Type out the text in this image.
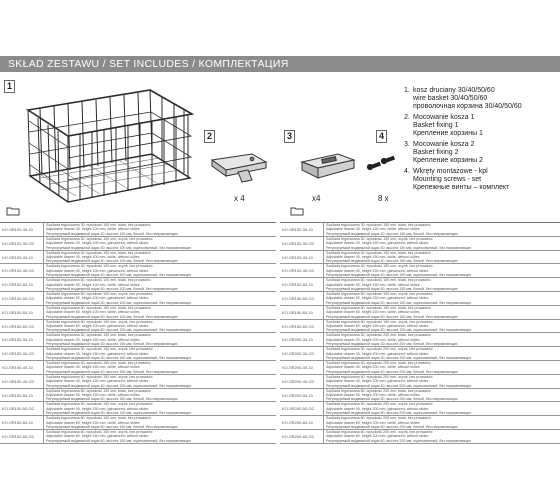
SKŁAD ZESTAWU / SET INCLUDES / КОМПЛЕКТАЦИЯ
1
2	3	4
x 4	x4	8 x
1. kosz druciany 30/40/50/60
wire basket 30/40/50/60
проволочная корзина 30/40/50/60
2. Mocowanie kosza 1
Basket fixing 1
Крепление корзины 1
3. Mocowanie kosza 2
Basket fixing 2
Крепление корзины 2
4. Wkręty montażowe - kpl
Mounting screws - set
Крепежные винты – комплект
KO-SR100-30-10
Szuflada regulowana 30, wysokość 100 mm, biała, bez prowadnic
Adjustable drawer 30, height 100 mm, white, without slides
Регулируемый выдвижной ящик 30, высота 100 мм, белый, без направляющих
KO-SR100-30-OC
Szuflada regulowana 30, wysokość 100 mm, ocynk, bez prowadnic
Adjustable drawer 30, height 100 mm, galvanized, without slides
Регулируемый выдвижной ящик 30, высота 100 мм, оцинкованный, без направляющих
KO-SR100-40-10
Szuflada regulowana 40, wysokość 100 mm, biała, bez prowadnic
Adjustable drawer 40, height 100 mm, white, without slides
Регулируемый выдвижной ящик 40, высота 100 мм, белый, без направляющих
KO-SR100-40-OC
Szuflada regulowana 40, wysokość 100 mm, ocynk, bez prowadnic
Adjustable drawer 40, height 100 mm, galvanized, without slides
Регулируемый выдвижной ящик 40, высота 100 мм, оцинкованный, без направляющих
KO-SR100-50-10
Szuflada regulowana 50, wysokość 100 mm, biała, bez prowadnic
Adjustable drawer 50, height 100 mm, white, without slides
Регулируемый выдвижной ящик 50, высота 100 мм, белый, без направляющих
KO-SR100-50-OC
Szuflada regulowana 50, wysokość 100 mm, ocynk, bez prowadnic
Adjustable drawer 50, height 100 mm, galvanized, without slides
Регулируемый выдвижной ящик 50, высота 100 мм, оцинкованный, без направляющих
KO-SR100-60-10
Szuflada regulowana 60, wysokość 100 mm, biała, bez prowadnic
Adjustable drawer 60, height 100 mm, white, without slides
Регулируемый выдвижной ящик 60, высота 100 мм, белый, без направляющих
KO-SR100-60-OC
Szuflada regulowana 60, wysokość 100 mm, ocynk, bez prowadnic
Adjustable drawer 60, height 100 mm, galvanized, without slides
Регулируемый выдвижной ящик 60, высота 100 мм, оцинкованный, без направляющих
KO-SR150-30-10
Szuflada regulowana 30, wysokość 150 mm, biała, bez prowadnic
Adjustable drawer 30, height 150 mm, white, without slides
Регулируемый выдвижной ящик 30, высота 150 мм, белый, без направляющих
KO-SR150-30-OC
Szuflada regulowana 30, wysokość 150 mm, ocynk, bez prowadnic
Adjustable drawer 30, height 150 mm, galvanized, without slides
Регулируемый выдвижной ящик 30, высота 150 мм, оцинкованный, без направляющих
KO-SR150-40-10
Szuflada regulowana 40, wysokość 150 mm, biała, bez prowadnic
Adjustable drawer 40, height 150 mm, white, without slides
Регулируемый выдвижной ящик 40, высота 150 мм, белый, без направляющих
KO-SR150-40-OC
Szuflada regulowana 40, wysokość 150 mm, ocynk, bez prowadnic
Adjustable drawer 40, height 150 mm, galvanized, without slides
Регулируемый выдвижной ящик 40, высота 150 мм, оцинкованный, без направляющих
KO-SR150-50-10
Szuflada regulowana 50, wysokość 150 mm, biała, bez prowadnic
Adjustable drawer 50, height 150 mm, white, without slides
Регулируемый выдвижной ящик 50, высота 150 мм, белый, без направляющих
KO-SR150-50-OC
Szuflada regulowana 50, wysokość 150 mm, ocynk, bez prowadnic
Adjustable drawer 50, height 150 mm, galvanized, without slides
Регулируемый выдвижной ящик 50, высота 150 мм, оцинкованный, без направляющих
KO-SR150-60-10
Szuflada regulowana 60, wysokość 150 mm, biała, bez prowadnic
Adjustable drawer 60, height 150 mm, white, without slides
Регулируемый выдвижной ящик 60, высота 150 мм, белый, без направляющих
KO-SR150-60-OC
Szuflada regulowana 60, wysokość 150 mm, ocynk, bez prowadnic
Adjustable drawer 60, height 150 mm, galvanized, without slides
Регулируемый выдвижной ящик 60, высота 150 мм, оцинкованный, без направляющих
KO-SR150-30-10
Szuflada regulowana 30, wysokość 150 mm, biała, bez prowadnic
Adjustable drawer 30, height 150 mm, white, without slides
Регулируемый выдвижной ящик 30, высота 150 мм, белый, без направляющих
KO-SR150-30-OC
Szuflada regulowana 30, wysokość 150 mm, ocynk, bez prowadnic
Adjustable drawer 30, height 150 mm, galvanized, without slides
Регулируемый выдвижной ящик 30, высота 150 мм, оцинкованный, без направляющих
KO-SR150-40-10
Szuflada regulowana 40, wysokość 150 mm, biała, bez prowadnic
Adjustable drawer 40, height 150 mm, white, without slides
Регулируемый выдвижной ящик 40, высота 150 мм, белый, без направляющих
KO-SR150-40-OC
Szuflada regulowana 40, wysokość 150 mm, ocynk, bez prowadnic
Adjustable drawer 40, height 150 mm, galvanized, without slides
Регулируемый выдвижной ящик 40, высота 150 мм, оцинкованный, без направляющих
KO-SR150-50-10
Szuflada regulowana 50, wysokość 150 mm, biała, bez prowadnic
Adjustable drawer 50, height 150 mm, white, without slides
Регулируемый выдвижной ящик 50, высота 150 мм, белый, без направляющих
KO-SR150-50-OC
Szuflada regulowana 50, wysokość 150 mm, ocynk, bez prowadnic
Adjustable drawer 50, height 150 mm, galvanized, without slides
Регулируемый выдвижной ящик 50, высота 150 мм, оцинкованный, без направляющих
KO-SR150-60-10
Szuflada regulowana 60, wysokość 150 mm, biała, bez prowadnic
Adjustable drawer 60, height 150 mm, white, without slides
Регулируемый выдвижной ящик 60, высота 150 мм, белый, без направляющих
KO-SR150-60-OC
Szuflada regulowana 60, wysokość 150 mm, ocynk, bez prowadnic
Adjustable drawer 60, height 150 mm, galvanized, without slides
Регулируемый выдвижной ящик 60, высота 150 мм, оцинкованный, без направляющих
KO-SR200-30-10
Szuflada regulowana 30, wysokość 200 mm, biała, bez prowadnic
Adjustable drawer 30, height 200 mm, white, without slides
Регулируемый выдвижной ящик 30, высота 200 мм, белый, без направляющих
KO-SR200-30-OC
Szuflada regulowana 30, wysokość 200 mm, ocynk, bez prowadnic
Adjustable drawer 30, height 200 mm, galvanized, without slides
Регулируемый выдвижной ящик 30, высота 200 мм, оцинкованный, без направляющих
KO-SR200-40-10
Szuflada regulowana 40, wysokość 200 mm, biała, bez prowadnic
Adjustable drawer 40, height 200 mm, white, without slides
Регулируемый выдвижной ящик 40, высота 200 мм, белый, без направляющих
KO-SR200-40-OC
Szuflada regulowana 40, wysokość 200 mm, ocynk, bez prowadnic
Adjustable drawer 40, height 200 mm, galvanized, without slides
Регулируемый выдвижной ящик 40, высота 200 мм, оцинкованный, без направляющих
KO-SR200-50-10
Szuflada regulowana 50, wysokość 200 mm, biała, bez prowadnic
Adjustable drawer 50, height 200 mm, white, without slides
Регулируемый выдвижной ящик 50, высота 200 мм, белый, без направляющих
KO-SR200-50-OC
Szuflada regulowana 50, wysokość 200 mm, ocynk, bez prowadnic
Adjustable drawer 50, height 200 mm, galvanized, without slides
Регулируемый выдвижной ящик 50, высота 200 мм, оцинкованный, без направляющих
KO-SR200-60-10
Szuflada regulowana 60, wysokość 200 mm, biała, bez prowadnic
Adjustable drawer 60, height 200 mm, white, without slides
Регулируемый выдвижной ящик 60, высота 200 мм, белый, без направляющих
KO-SR200-60-OC
Szuflada regulowana 60, wysokość 200 mm, ocynk, bez prowadnic
Adjustable drawer 60, height 200 mm, galvanized, without slides
Регулируемый выдвижной ящик 60, высота 200 мм, оцинкованный, без направляющих
